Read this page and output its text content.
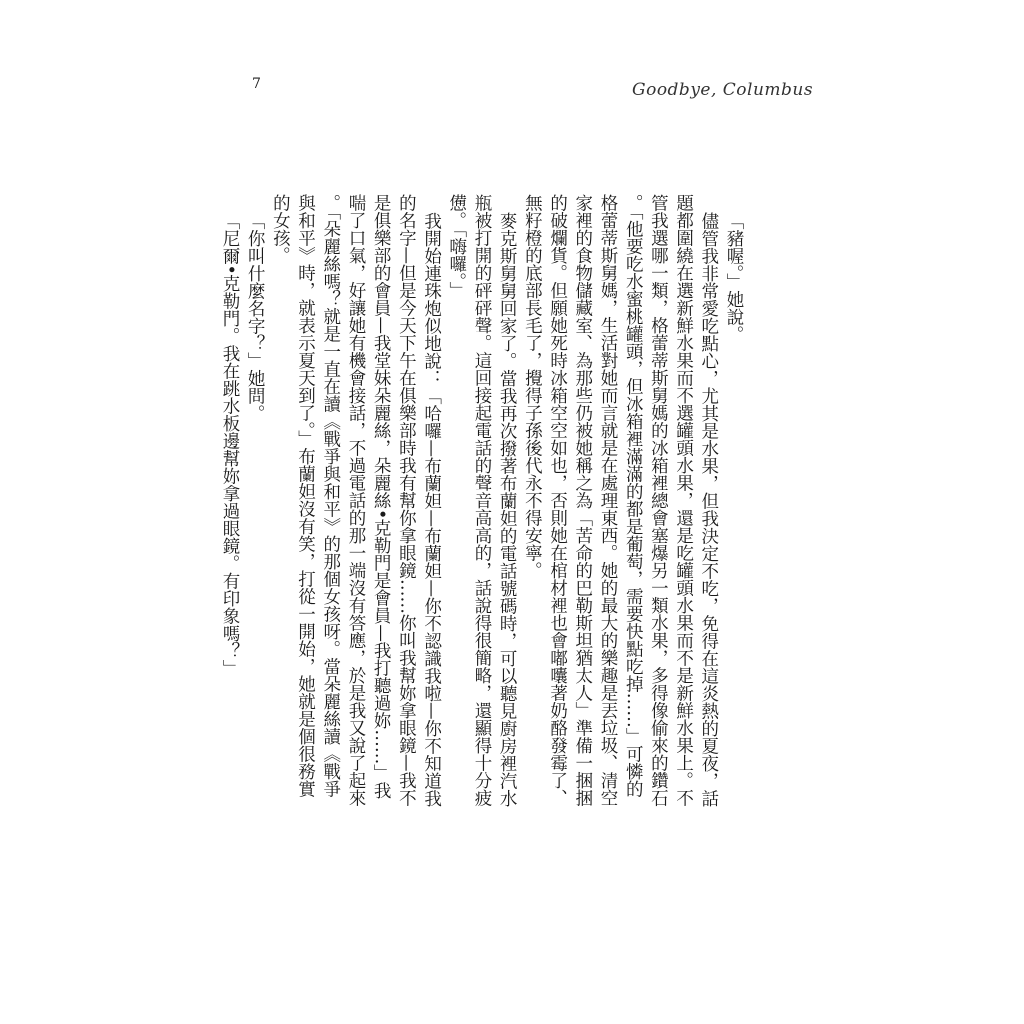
7	Goodbye, Columbus

「豬喔。」她說。

儘管我非常愛吃點心，尤其是水果，但我決定不吃，免得在這炎熱的夏夜，話題都圍繞在選新鮮水果而不選罐頭水果，還是吃罐頭水果而不是新鮮水果上。不管我選哪一類，格蕾蒂斯舅媽的冰箱裡總會塞爆另一類水果，多得像偷來的鑽石。「他要吃水蜜桃罐頭，但冰箱裡滿滿的都是葡萄，需要快點吃掉……」可憐的格蕾蒂斯舅媽，生活對她而言就是在處理東西。她的最大的樂趣是丟垃圾、清空家裡的食物儲藏室、為那些仍被她稱之為「苦命的巴勒斯坦猶太人」準備一捆捆的破爛貨。但願她死時冰箱空空如也，否則她在棺材裡也會嘟囔著奶酪發霉了、無籽橙的底部長毛了，攪得子孫後代永不得安寧。

麥克斯舅舅回家了。當我再次撥著布蘭妲的電話號碼時，可以聽見廚房裡汽水瓶被打開的砰砰聲。這回接起電話的聲音高高的，話說得很簡略，還顯得十分疲憊。「嗨囉。」

我開始連珠炮似地說：「哈囉—布蘭妲—布蘭妲—你不認識我啦—你不知道我的名字—但是今天下午在俱樂部時我有幫你拿眼鏡……你叫我幫妳拿眼鏡—我不是俱樂部的會員—我堂妹朵麗絲，朵麗絲•克勒門是會員—我打聽過妳……」我喘了口氣，好讓她有機會接話，不過電話的那一端沒有答應，於是我又說了起來。「朵麗絲嗎？就是一直在讀《戰爭與和平》的那個女孩呀。當朵麗絲讀《戰爭與和平》時，就表示夏天到了。」布蘭妲沒有笑，打從一開始，她就是個很務實的女孩。

「你叫什麼名字？」她問。

「尼爾•克勒門。我在跳水板邊幫妳拿過眼鏡。有印象嗎？」
